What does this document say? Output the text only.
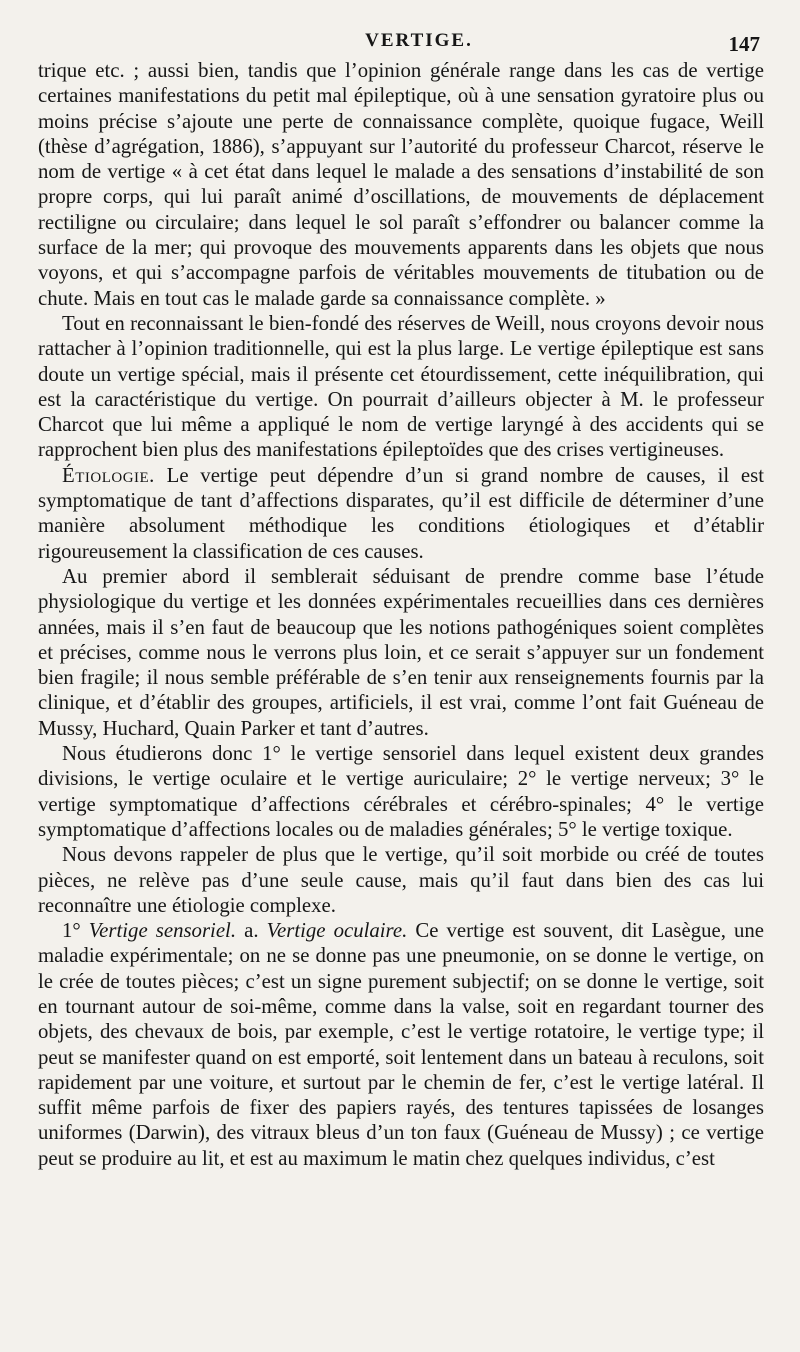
VERTIGE.	147

trique etc. ; aussi bien, tandis que l’opinion générale range dans les cas de vertige certaines manifestations du petit mal épileptique, où à une sensation gyratoire plus ou moins précise s’ajoute une perte de connaissance complète, quoique fugace, Weill (thèse d’agrégation, 1886), s’appuyant sur l’autorité du professeur Charcot, réserve le nom de vertige « à cet état dans lequel le malade a des sensations d’instabilité de son propre corps, qui lui paraît animé d’oscillations, de mouvements de déplacement rectiligne ou circulaire; dans lequel le sol paraît s’effondrer ou balancer comme la surface de la mer; qui provoque des mouvements apparents dans les objets que nous voyons, et qui s’accompagne parfois de véritables mouvements de titubation ou de chute. Mais en tout cas le malade garde sa connaissance complète. »

Tout en reconnaissant le bien-fondé des réserves de Weill, nous croyons devoir nous rattacher à l’opinion traditionnelle, qui est la plus large. Le vertige épileptique est sans doute un vertige spécial, mais il présente cet étourdissement, cette inéquilibration, qui est la caractéristique du vertige. On pourrait d’ailleurs objecter à M. le professeur Charcot que lui même a appliqué le nom de vertige laryngé à des accidents qui se rapprochent bien plus des manifestations épileptoïdes que des crises vertigineuses.

Étiologie. Le vertige peut dépendre d’un si grand nombre de causes, il est symptomatique de tant d’affections disparates, qu’il est difficile de déterminer d’une manière absolument méthodique les conditions étiologiques et d’établir rigoureusement la classification de ces causes.

Au premier abord il semblerait séduisant de prendre comme base l’étude physiologique du vertige et les données expérimentales recueillies dans ces dernières années, mais il s’en faut de beaucoup que les notions pathogéniques soient complètes et précises, comme nous le verrons plus loin, et ce serait s’appuyer sur un fondement bien fragile; il nous semble préférable de s’en tenir aux renseignements fournis par la clinique, et d’établir des groupes, artificiels, il est vrai, comme l’ont fait Guéneau de Mussy, Huchard, Quain Parker et tant d’autres.

Nous étudierons donc 1° le vertige sensoriel dans lequel existent deux grandes divisions, le vertige oculaire et le vertige auriculaire; 2° le vertige nerveux; 3° le vertige symptomatique d’affections cérébrales et cérébro-spinales; 4° le vertige symptomatique d’affections locales ou de maladies générales; 5° le vertige toxique.

Nous devons rappeler de plus que le vertige, qu’il soit morbide ou créé de toutes pièces, ne relève pas d’une seule cause, mais qu’il faut dans bien des cas lui reconnaître une étiologie complexe.

1° Vertige sensoriel. a. Vertige oculaire. Ce vertige est souvent, dit Lasègue, une maladie expérimentale; on ne se donne pas une pneumonie, on se donne le vertige, on le crée de toutes pièces; c’est un signe purement subjectif; on se donne le vertige, soit en tournant autour de soi-même, comme dans la valse, soit en regardant tourner des objets, des chevaux de bois, par exemple, c’est le vertige rotatoire, le vertige type; il peut se manifester quand on est emporté, soit lentement dans un bateau à reculons, soit rapidement par une voiture, et surtout par le chemin de fer, c’est le vertige latéral. Il suffit même parfois de fixer des papiers rayés, des tentures tapissées de losanges uniformes (Darwin), des vitraux bleus d’un ton faux (Guéneau de Mussy) ; ce vertige peut se produire au lit, et est au maximum le matin chez quelques individus, c’est
